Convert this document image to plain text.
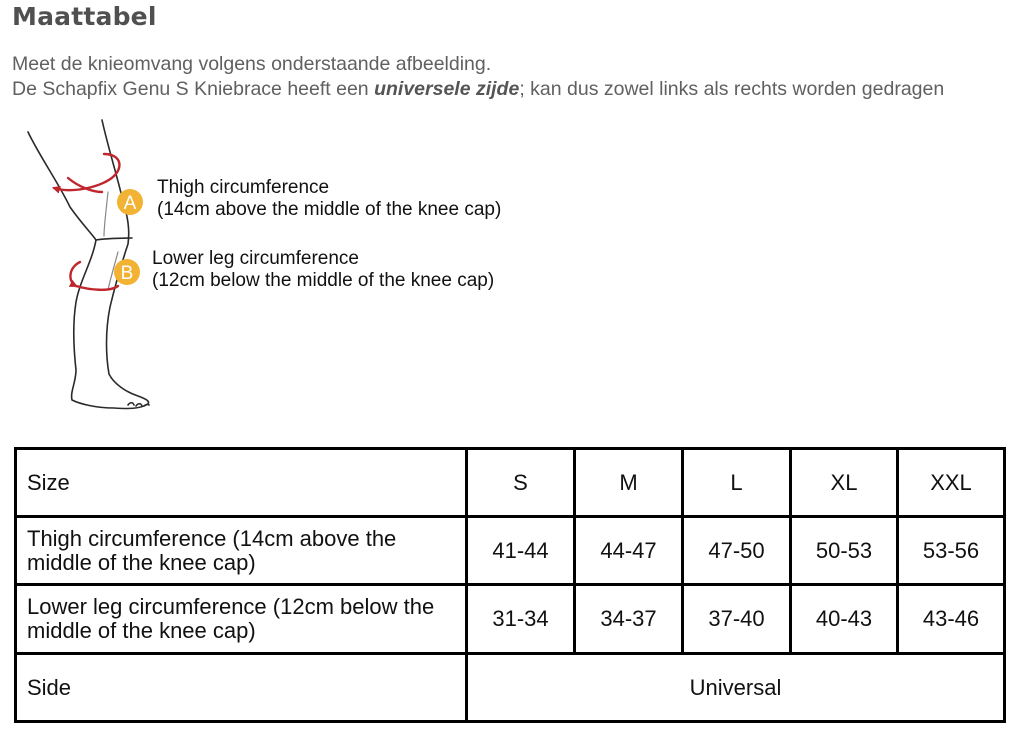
Maattabel

Meet de knieomvang volgens onderstaande afbeelding.

De Schapfix Genu S Kniebrace heeft een universele zijde; kan dus zowel links als rechts worden gedragen

A
B
Thigh circumference
(14cm above the middle of the knee cap)
Lower leg circumference
(12cm below the middle of the knee cap)
Size	S	M	L	XL	XXL
Thigh circumference (14cm above the middle of the knee cap)	41-44	44-47	47-50	50-53	53-56
Lower leg circumference (12cm below the middle of the knee cap)	31-34	34-37	37-40	40-43	43-46
Side	Universal				
